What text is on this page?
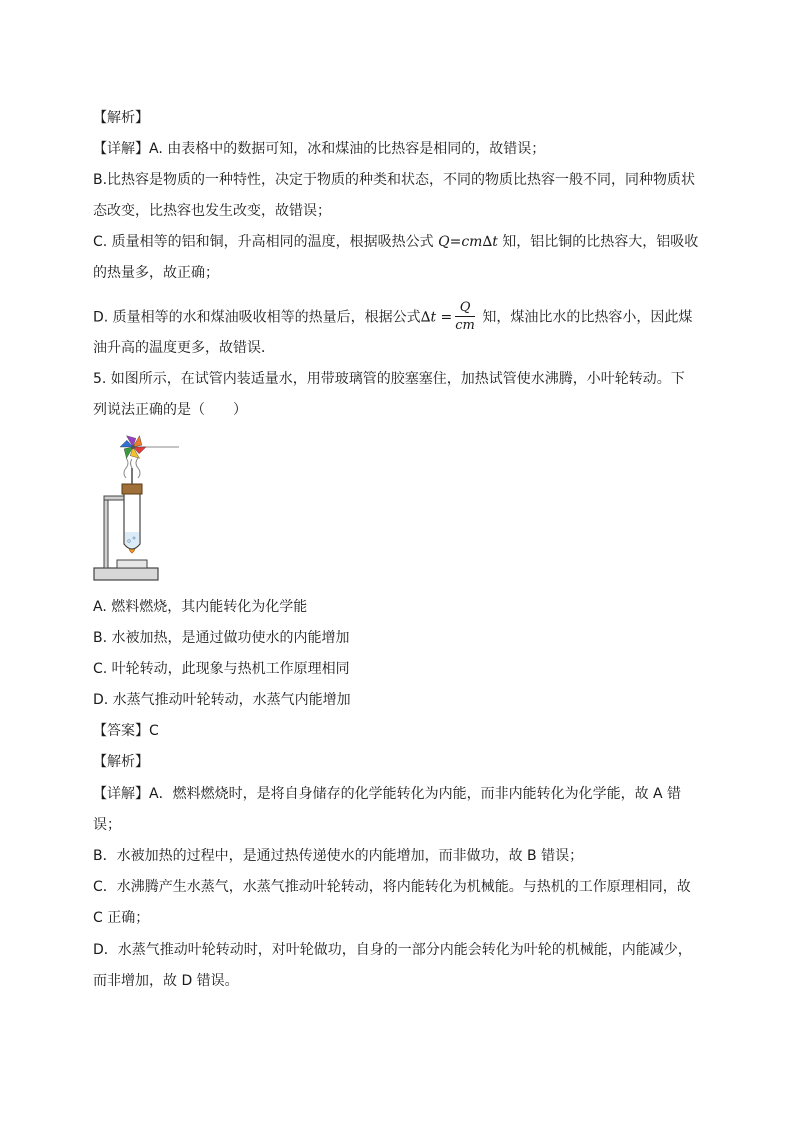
【解析】
【详解】A. 由表格中的数据可知，冰和煤油的比热容是相同的，故错误；
B.比热容是物质的一种特性，决定于物质的种类和状态，不同的物质比热容一般不同，同种物质状
态改变，比热容也发生改变，故错误；
C. 质量相等的铝和铜，升高相同的温度，根据吸热公式 Q=cm∆t 知，铝比铜的比热容大，铝吸收
的热量多，故正确；
D. 质量相等的水和煤油吸收相等的热量后，根据公式$\Delta t = \frac{Q}{cm}$ 知，煤油比水的比热容小，因此煤
油升高的温度更多，故错误．
5. 如图所示，在试管内装适量水，用带玻璃管的胶塞塞住，加热试管使水沸腾，小叶轮转动。下
列说法正确的是（　　）
A. 燃料燃烧，其内能转化为化学能
B. 水被加热，是通过做功使水的内能增加
C. 叶轮转动，此现象与热机工作原理相同
D. 水蒸气推动叶轮转动，水蒸气内能增加
【答案】C
【解析】
【详解】A．燃料燃烧时，是将自身储存的化学能转化为内能，而非内能转化为化学能，故 A 错
误；
B．水被加热的过程中，是通过热传递使水的内能增加，而非做功，故 B 错误；
C．水沸腾产生水蒸气，水蒸气推动叶轮转动，将内能转化为机械能。与热机的工作原理相同，故
C 正确；
D．水蒸气推动叶轮转动时，对叶轮做功，自身的一部分内能会转化为叶轮的机械能，内能减少，
而非增加，故 D 错误。
